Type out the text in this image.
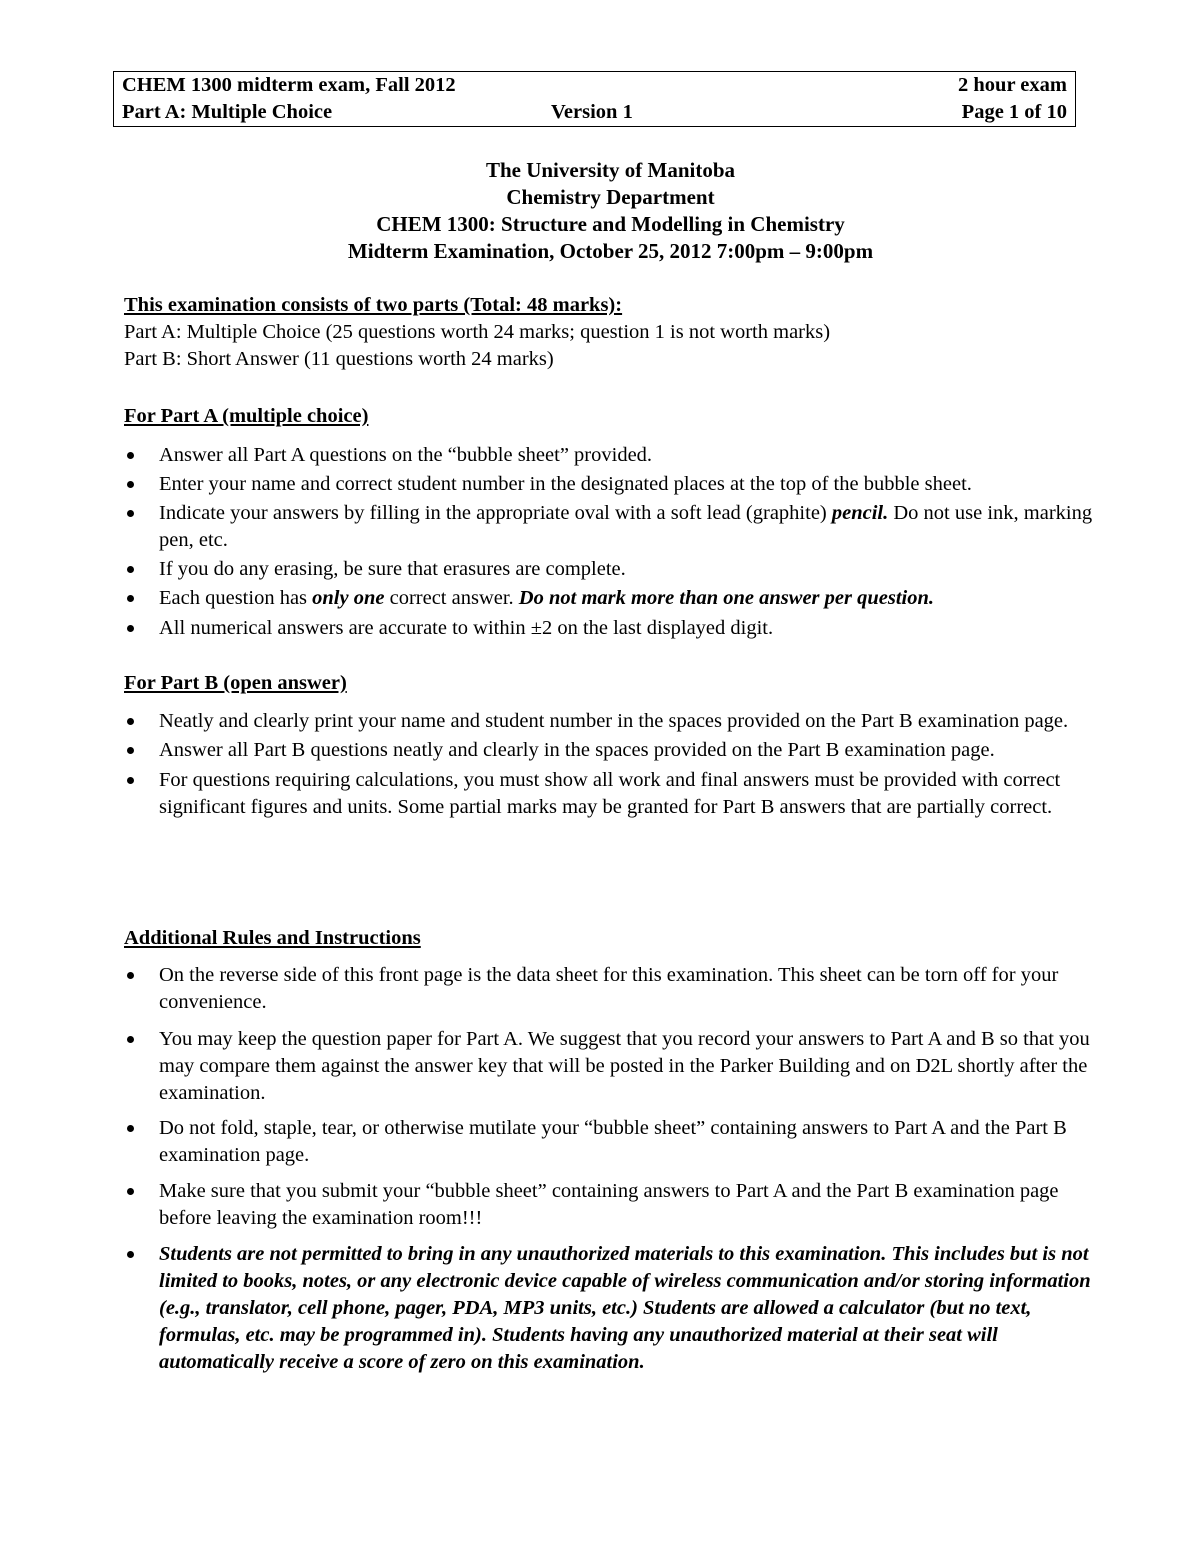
CHEM 1300 midterm exam, Fall 2012	2 hour exam
Part A: Multiple Choice	Version 1	Page 1 of 10
The University of Manitoba
Chemistry Department
CHEM 1300: Structure and Modelling in Chemistry
Midterm Examination, October 25, 2012 7:00pm – 9:00pm
This examination consists of two parts (Total: 48 marks):
Part A: Multiple Choice (25 questions worth 24 marks; question 1 is not worth marks)
Part B: Short Answer (11 questions worth 24 marks)
For Part A (multiple choice)
Answer all Part A questions on the “bubble sheet” provided.
Enter your name and correct student number in the designated places at the top of the bubble sheet.
Indicate your answers by filling in the appropriate oval with a soft lead (graphite) pencil. Do not use ink, marking pen, etc.
If you do any erasing, be sure that erasures are complete.
Each question has only one correct answer. Do not mark more than one answer per question.
All numerical answers are accurate to within ±2 on the last displayed digit.
For Part B (open answer)
Neatly and clearly print your name and student number in the spaces provided on the Part B examination page.
Answer all Part B questions neatly and clearly in the spaces provided on the Part B examination page.
For questions requiring calculations, you must show all work and final answers must be provided with correct significant figures and units. Some partial marks may be granted for Part B answers that are partially correct.
Additional Rules and Instructions
On the reverse side of this front page is the data sheet for this examination. This sheet can be torn off for your convenience.
You may keep the question paper for Part A. We suggest that you record your answers to Part A and B so that you may compare them against the answer key that will be posted in the Parker Building and on D2L shortly after the examination.
Do not fold, staple, tear, or otherwise mutilate your “bubble sheet” containing answers to Part A and the Part B examination page.
Make sure that you submit your “bubble sheet” containing answers to Part A and the Part B examination page before leaving the examination room!!!
Students are not permitted to bring in any unauthorized materials to this examination. This includes but is not limited to books, notes, or any electronic device capable of wireless communication and/or storing information (e.g., translator, cell phone, pager, PDA, MP3 units, etc.) Students are allowed a calculator (but no text, formulas, etc. may be programmed in). Students having any unauthorized material at their seat will automatically receive a score of zero on this examination.
